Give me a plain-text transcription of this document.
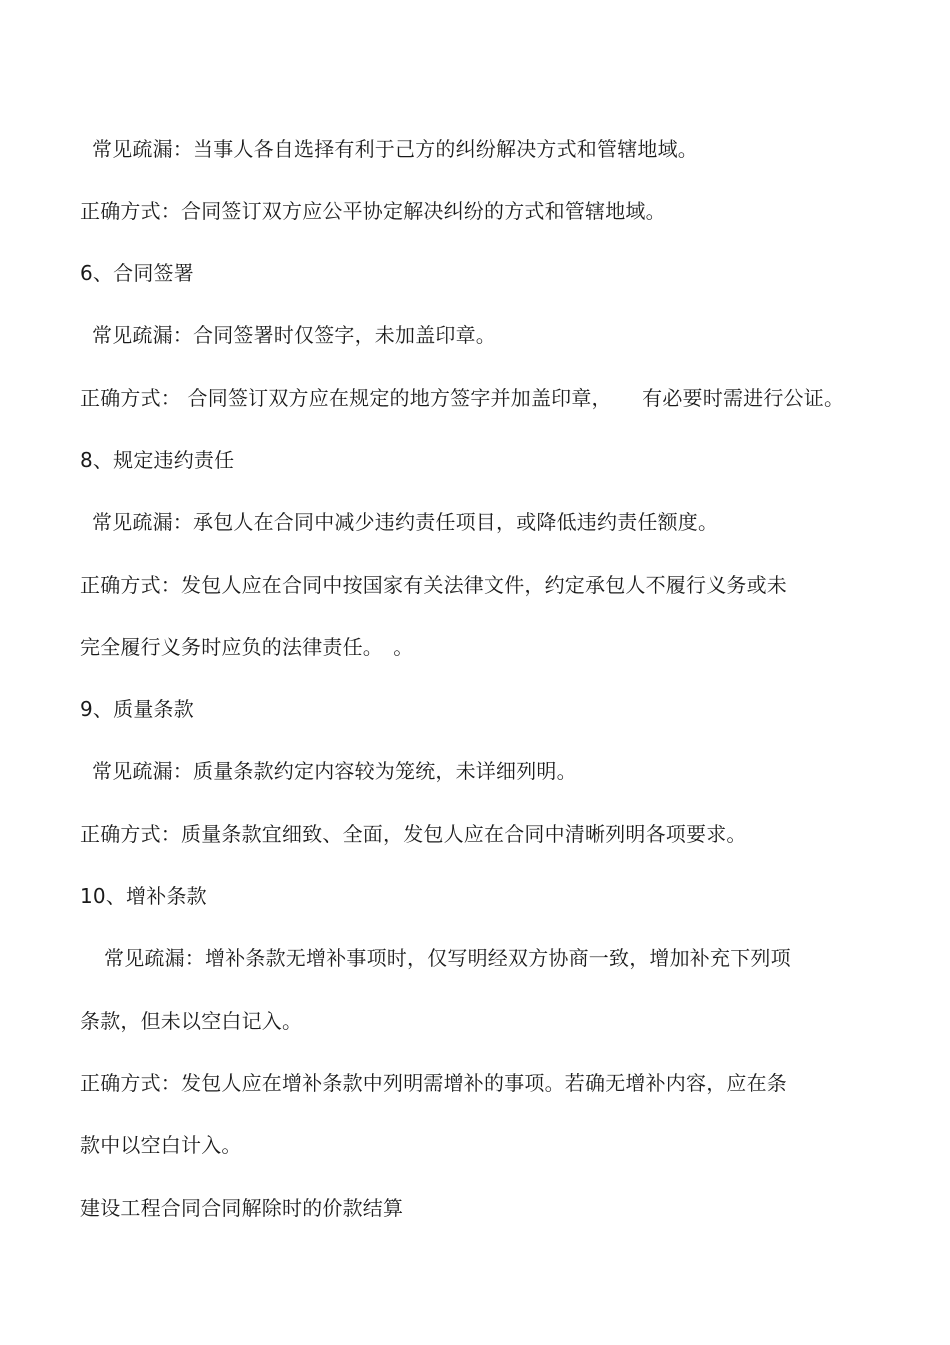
常见疏漏：当事人各自选择有利于己方的纠纷解决方式和管辖地域。
正确方式：合同签订双方应公平协定解决纠纷的方式和管辖地域。
6、合同签署
常见疏漏：合同签署时仅签字，未加盖印章。
正确方式： 合同签订双方应在规定的地方签字并加盖印章，　　有必要时需进行公证。
8、规定违约责任
常见疏漏：承包人在合同中减少违约责任项目，或降低违约责任额度。
正确方式：发包人应在合同中按国家有关法律文件，约定承包人不履行义务或未
完全履行义务时应负的法律责任。　。
9、质量条款
常见疏漏：质量条款约定内容较为笼统，未详细列明。
正确方式：质量条款宜细致、全面，发包人应在合同中清晰列明各项要求。
10、增补条款
常见疏漏：增补条款无增补事项时，仅写明经双方协商一致，增加补充下列项
条款，但未以空白记入。
正确方式：发包人应在增补条款中列明需增补的事项。若确无增补内容，应在条
款中以空白计入。
建设工程合同合同解除时的价款结算
